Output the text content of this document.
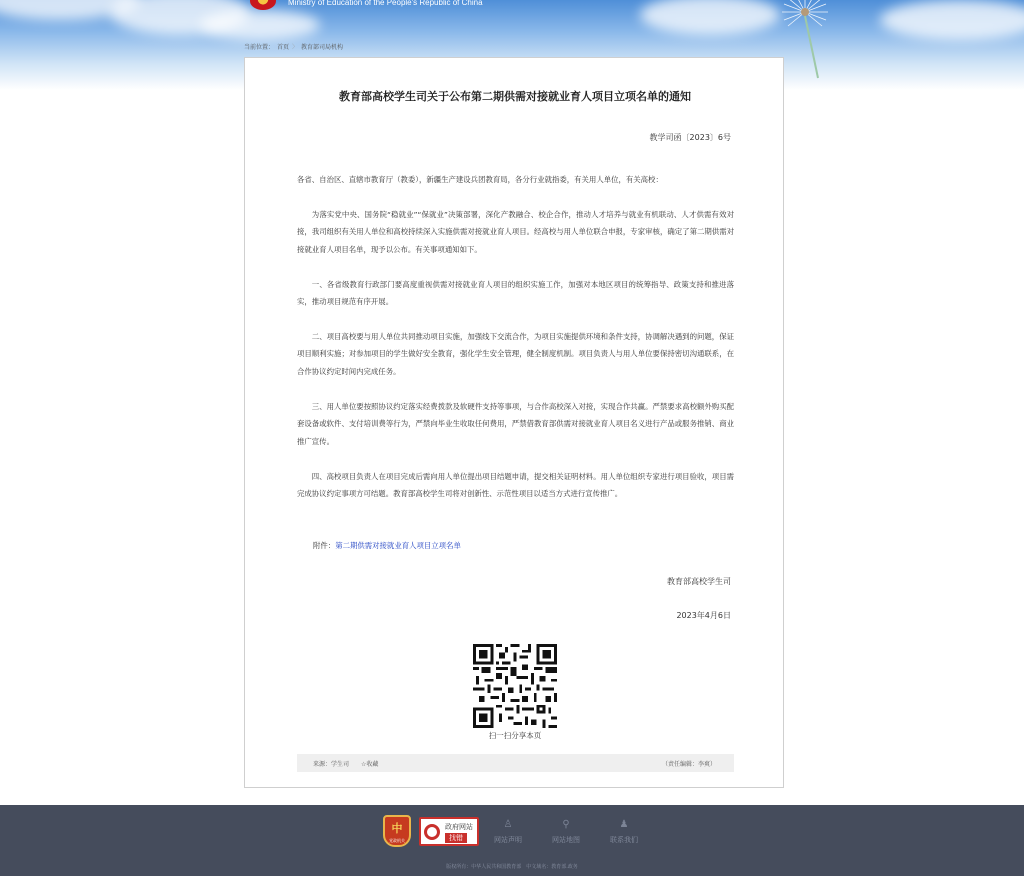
Ministry of Education of the People's Republic of China
当前位置： 首页 〉 教育部司局机构
教育部高校学生司关于公布第二期供需对接就业育人项目立项名单的通知
教学司函〔2023〕6号
各省、自治区、直辖市教育厅（教委），新疆生产建设兵团教育局，各分行业就指委，有关用人单位，有关高校：
为落实党中央、国务院“稳就业”“保就业”决策部署，深化产教融合、校企合作，推动人才培养与就业有机联动、人才供需有效对接，我司组织有关用人单位和高校持续深入实施供需对接就业育人项目。经高校与用人单位联合申报，专家审核，确定了第二期供需对接就业育人项目名单，现予以公布。有关事项通知如下。
一、各省级教育行政部门要高度重视供需对接就业育人项目的组织实施工作，加强对本地区项目的统筹指导、政策支持和推进落实，推动项目规范有序开展。
二、项目高校要与用人单位共同推动项目实施，加强线下交流合作，为项目实施提供环境和条件支持，协调解决遇到的问题，保证项目顺利实施；对参加项目的学生做好安全教育，强化学生安全管理，健全制度机制。项目负责人与用人单位要保持密切沟通联系，在合作协议约定时间内完成任务。
三、用人单位要按照协议约定落实经费拨款及软硬件支持等事项，与合作高校深入对接，实现合作共赢。严禁要求高校额外购买配套设备或软件、支付培训费等行为，严禁向毕业生收取任何费用，严禁借教育部供需对接就业育人项目名义进行产品或服务推销、商业推广宣传。
四、高校项目负责人在项目完成后需向用人单位提出项目结题申请，提交相关证明材料。用人单位组织专家进行项目验收，项目需完成协议约定事项方可结题。教育部高校学生司将对创新性、示范性项目以适当方式进行宣传推广。
附件：第二期供需对接就业育人项目立项名单
教育部高校学生司
2023年4月6日
扫一扫分享本页
来源：学生司 ☆收藏	（责任编辑：李爽）
中
党政机关
政府网站
找错
♙
网站声明
⚲
网站地图
♟
联系我们
版权所有：中华人民共和国教育部　中文域名：教育部.政务
